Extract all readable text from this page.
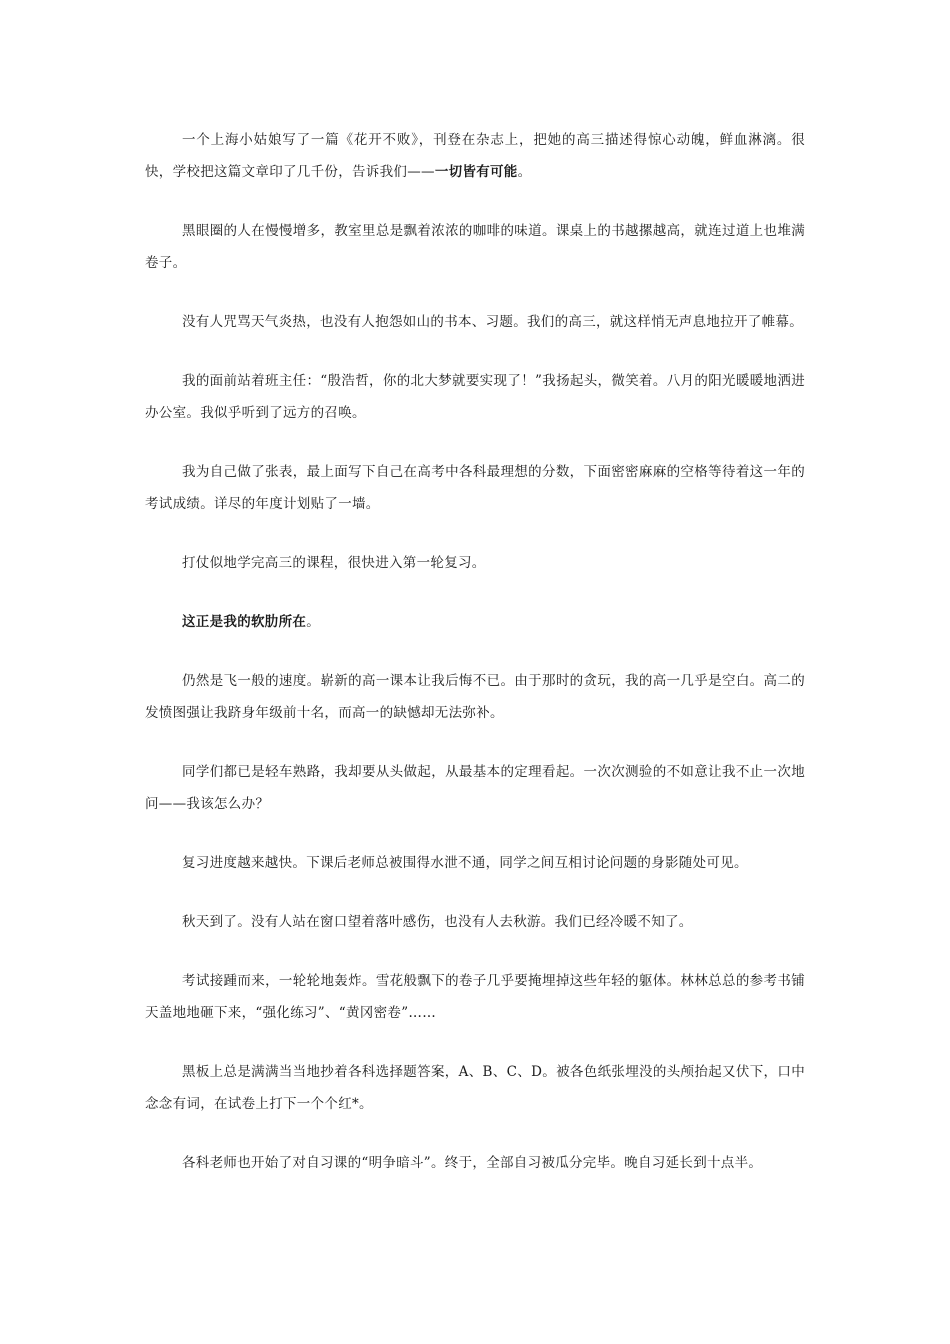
一个上海小姑娘写了一篇《花开不败》，刊登在杂志上，把她的高三描述得惊心动魄，鲜血淋漓。很快，学校把这篇文章印了几千份，告诉我们——一切皆有可能。

黑眼圈的人在慢慢增多，教室里总是飘着浓浓的咖啡的味道。课桌上的书越摞越高，就连过道上也堆满卷子。

没有人咒骂天气炎热，也没有人抱怨如山的书本、习题。我们的高三，就这样悄无声息地拉开了帷幕。

我的面前站着班主任：“殷浩哲，你的北大梦就要实现了！”我扬起头，微笑着。八月的阳光暖暖地洒进办公室。我似乎听到了远方的召唤。

我为自己做了张表，最上面写下自己在高考中各科最理想的分数，下面密密麻麻的空格等待着这一年的考试成绩。详尽的年度计划贴了一墙。

打仗似地学完高三的课程，很快进入第一轮复习。

这正是我的软肋所在。

仍然是飞一般的速度。崭新的高一课本让我后悔不已。由于那时的贪玩，我的高一几乎是空白。高二的发愤图强让我跻身年级前十名，而高一的缺憾却无法弥补。

同学们都已是轻车熟路，我却要从头做起，从最基本的定理看起。一次次测验的不如意让我不止一次地问——我该怎么办？

复习进度越来越快。下课后老师总被围得水泄不通，同学之间互相讨论问题的身影随处可见。

秋天到了。没有人站在窗口望着落叶感伤，也没有人去秋游。我们已经冷暖不知了。

考试接踵而来，一轮轮地轰炸。雪花般飘下的卷子几乎要掩埋掉这些年轻的躯体。林林总总的参考书铺天盖地地砸下来，“强化练习”、“黄冈密卷”……

黑板上总是满满当当地抄着各科选择题答案，A、B、C、D。被各色纸张埋没的头颅抬起又伏下，口中念念有词，在试卷上打下一个个红*。

各科老师也开始了对自习课的“明争暗斗”。终于，全部自习被瓜分完毕。晚自习延长到十点半。
